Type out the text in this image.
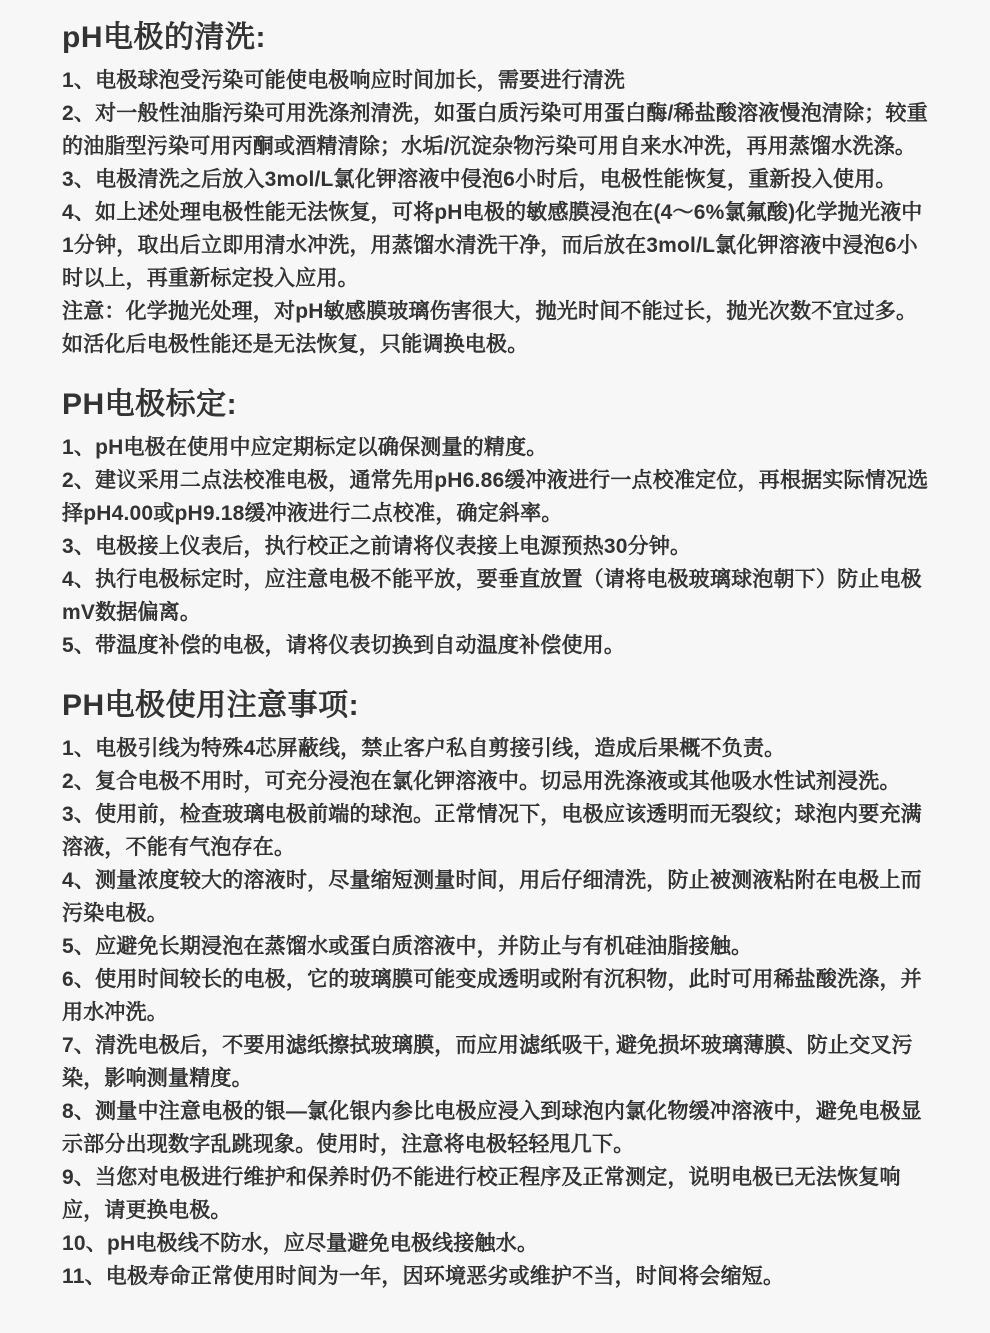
pH电极的清洗:

1、电极球泡受污染可能使电极响应时间加长，需要进行清洗

2、对一般性油脂污染可用洗涤剂清洗，如蛋白质污染可用蛋白酶/稀盐酸溶液慢泡清除；较重的油脂型污染可用丙酮或酒精清除；水垢/沉淀杂物污染可用自来水冲洗，再用蒸馏水洗涤。

3、电极清洗之后放入3mol/L氯化钾溶液中侵泡6小时后，电极性能恢复，重新投入使用。

4、如上述处理电极性能无法恢复，可将pH电极的敏感膜浸泡在(4～6%氯氟酸)化学抛光液中1分钟，取出后立即用清水冲洗，用蒸馏水清洗干净，而后放在3mol/L氯化钾溶液中浸泡6小时以上，再重新标定投入应用。

注意：化学抛光处理，对pH敏感膜玻璃伤害很大，抛光时间不能过长，抛光次数不宜过多。如活化后电极性能还是无法恢复，只能调换电极。

PH电极标定:

1、pH电极在使用中应定期标定以确保测量的精度。

2、建议采用二点法校准电极，通常先用pH6.86缓冲液进行一点校准定位，再根据实际情况选择pH4.00或pH9.18缓冲液进行二点校准，确定斜率。

3、电极接上仪表后，执行校正之前请将仪表接上电源预热30分钟。

4、执行电极标定时，应注意电极不能平放，要垂直放置（请将电极玻璃球泡朝下）防止电极mV数据偏离。

5、带温度补偿的电极，请将仪表切换到自动温度补偿使用。

PH电极使用注意事项:

1、电极引线为特殊4芯屏蔽线，禁止客户私自剪接引线，造成后果概不负责。

2、复合电极不用时，可充分浸泡在氯化钾溶液中。切忌用洗涤液或其他吸水性试剂浸洗。

3、使用前，检查玻璃电极前端的球泡。正常情况下，电极应该透明而无裂纹；球泡内要充满溶液，不能有气泡存在。

4、测量浓度较大的溶液时，尽量缩短测量时间，用后仔细清洗，防止被测液粘附在电极上而污染电极。

5、应避免长期浸泡在蒸馏水或蛋白质溶液中，并防止与有机硅油脂接触。

6、使用时间较长的电极，它的玻璃膜可能变成透明或附有沉积物，此时可用稀盐酸洗涤，并用水冲洗。

7、清洗电极后，不要用滤纸擦拭玻璃膜，而应用滤纸吸干, 避免损坏玻璃薄膜、防止交叉污染，影响测量精度。

8、测量中注意电极的银—氯化银内参比电极应浸入到球泡内氯化物缓冲溶液中，避免电极显示部分出现数字乱跳现象。使用时，注意将电极轻轻甩几下。

9、当您对电极进行维护和保养时仍不能进行校正程序及正常测定，说明电极已无法恢复响应，请更换电极。

10、pH电极线不防水，应尽量避免电极线接触水。

11、电极寿命正常使用时间为一年，因环境恶劣或维护不当，时间将会缩短。
